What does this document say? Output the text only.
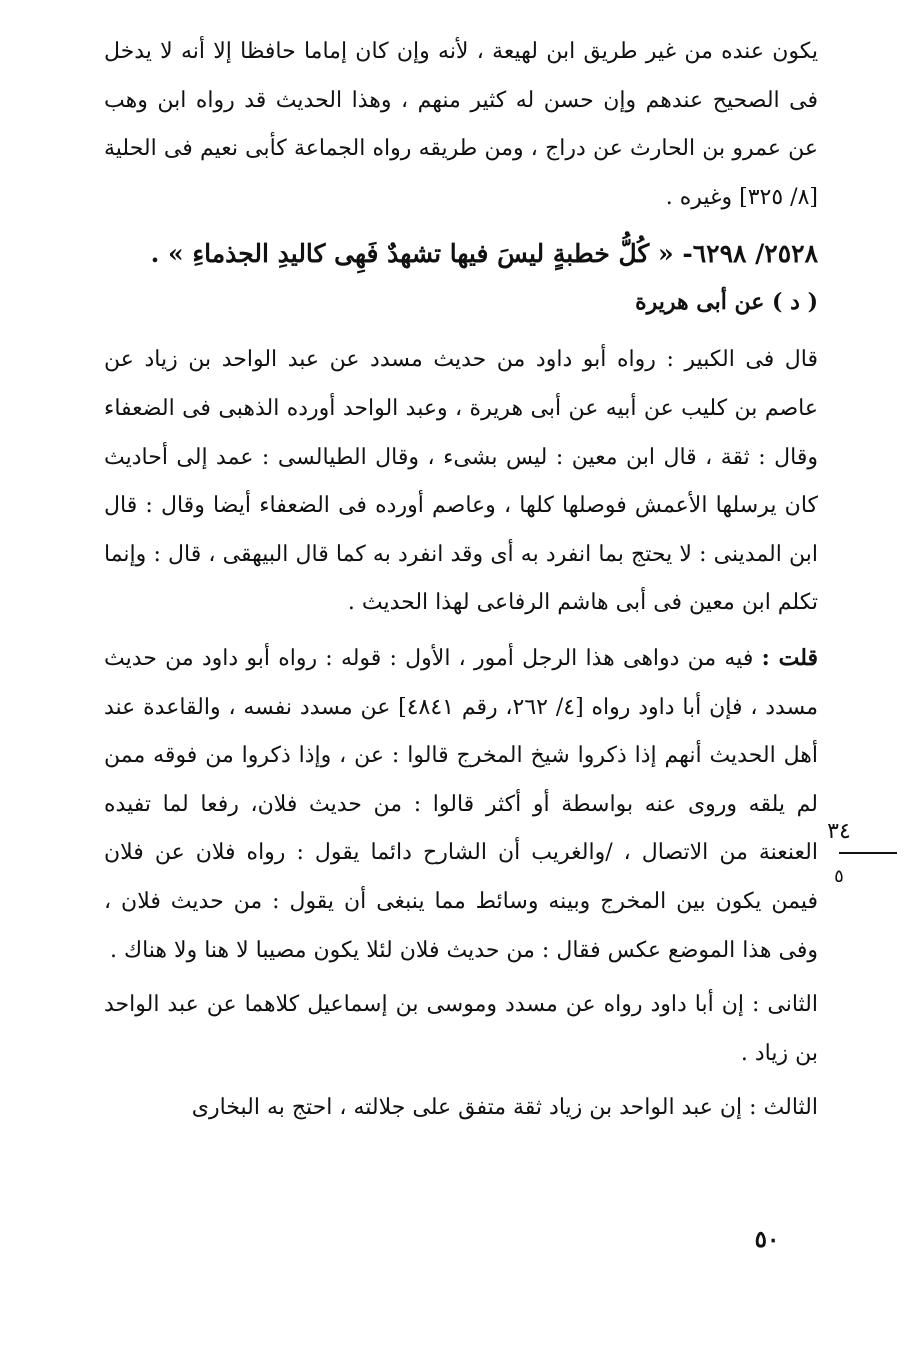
يكون عنده من غير طريق ابن لهيعة ، لأنه وإن كان إماما حافظا إلا أنه لا يدخل فى الصحيح عندهم وإن حسن له كثير منهم ، وهذا الحديث قد رواه ابن وهب عن عمرو بن الحارث عن دراج ، ومن طريقه رواه الجماعة كأبى نعيم فى الحلية [٨/ ٣٢٥] وغيره .

٢٥٢٨/ ٦٢٩٨- « كُلُّ خطبةٍ ليسَ فيها تشهدٌ فَهِى كاليدِ الجذماءِ » .

( د ) عن أبى هريرة

قال فى الكبير : رواه أبو داود من حديث مسدد عن عبد الواحد بن زياد عن عاصم بن كليب عن أبيه عن أبى هريرة ، وعبد الواحد أورده الذهبى فى الضعفاء وقال : ثقة ، قال ابن معين : ليس بشىء ، وقال الطيالسى : عمد إلى أحاديث كان يرسلها الأعمش فوصلها كلها ، وعاصم أورده فى الضعفاء أيضا وقال : قال ابن المدينى : لا يحتج بما انفرد به أى وقد انفرد به كما قال البيهقى ، قال : وإنما تكلم ابن معين فى أبى هاشم الرفاعى لهذا الحديث .

قلت : فيه من دواهى هذا الرجل أمور ، الأول : قوله : رواه أبو داود من حديث مسدد ، فإن أبا داود رواه [٤/ ٢٦٢، رقم ٤٨٤١] عن مسدد نفسه ، والقاعدة عند أهل الحديث أنهم إذا ذكروا شيخ المخرج قالوا : عن ، وإذا ذكروا من فوقه ممن لم يلقه وروى عنه بواسطة أو أكثر قالوا : من حديث فلان، رفعا لما تفيده العنعنة من الاتصال ، /والغريب أن الشارح دائما يقول : رواه فلان عن فلان فيمن يكون بين المخرج وبينه وسائط مما ينبغى أن يقول : من حديث فلان ، وفى هذا الموضع عكس فقال : من حديث فلان لئلا يكون مصيبا لا هنا ولا هناك .

الثانى : إن أبا داود رواه عن مسدد وموسى بن إسماعيل كلاهما عن عبد الواحد بن زياد .

الثالث : إن عبد الواحد بن زياد ثقة متفق على جلالته ، احتج به البخارى

٣٤
٥
٥٠
